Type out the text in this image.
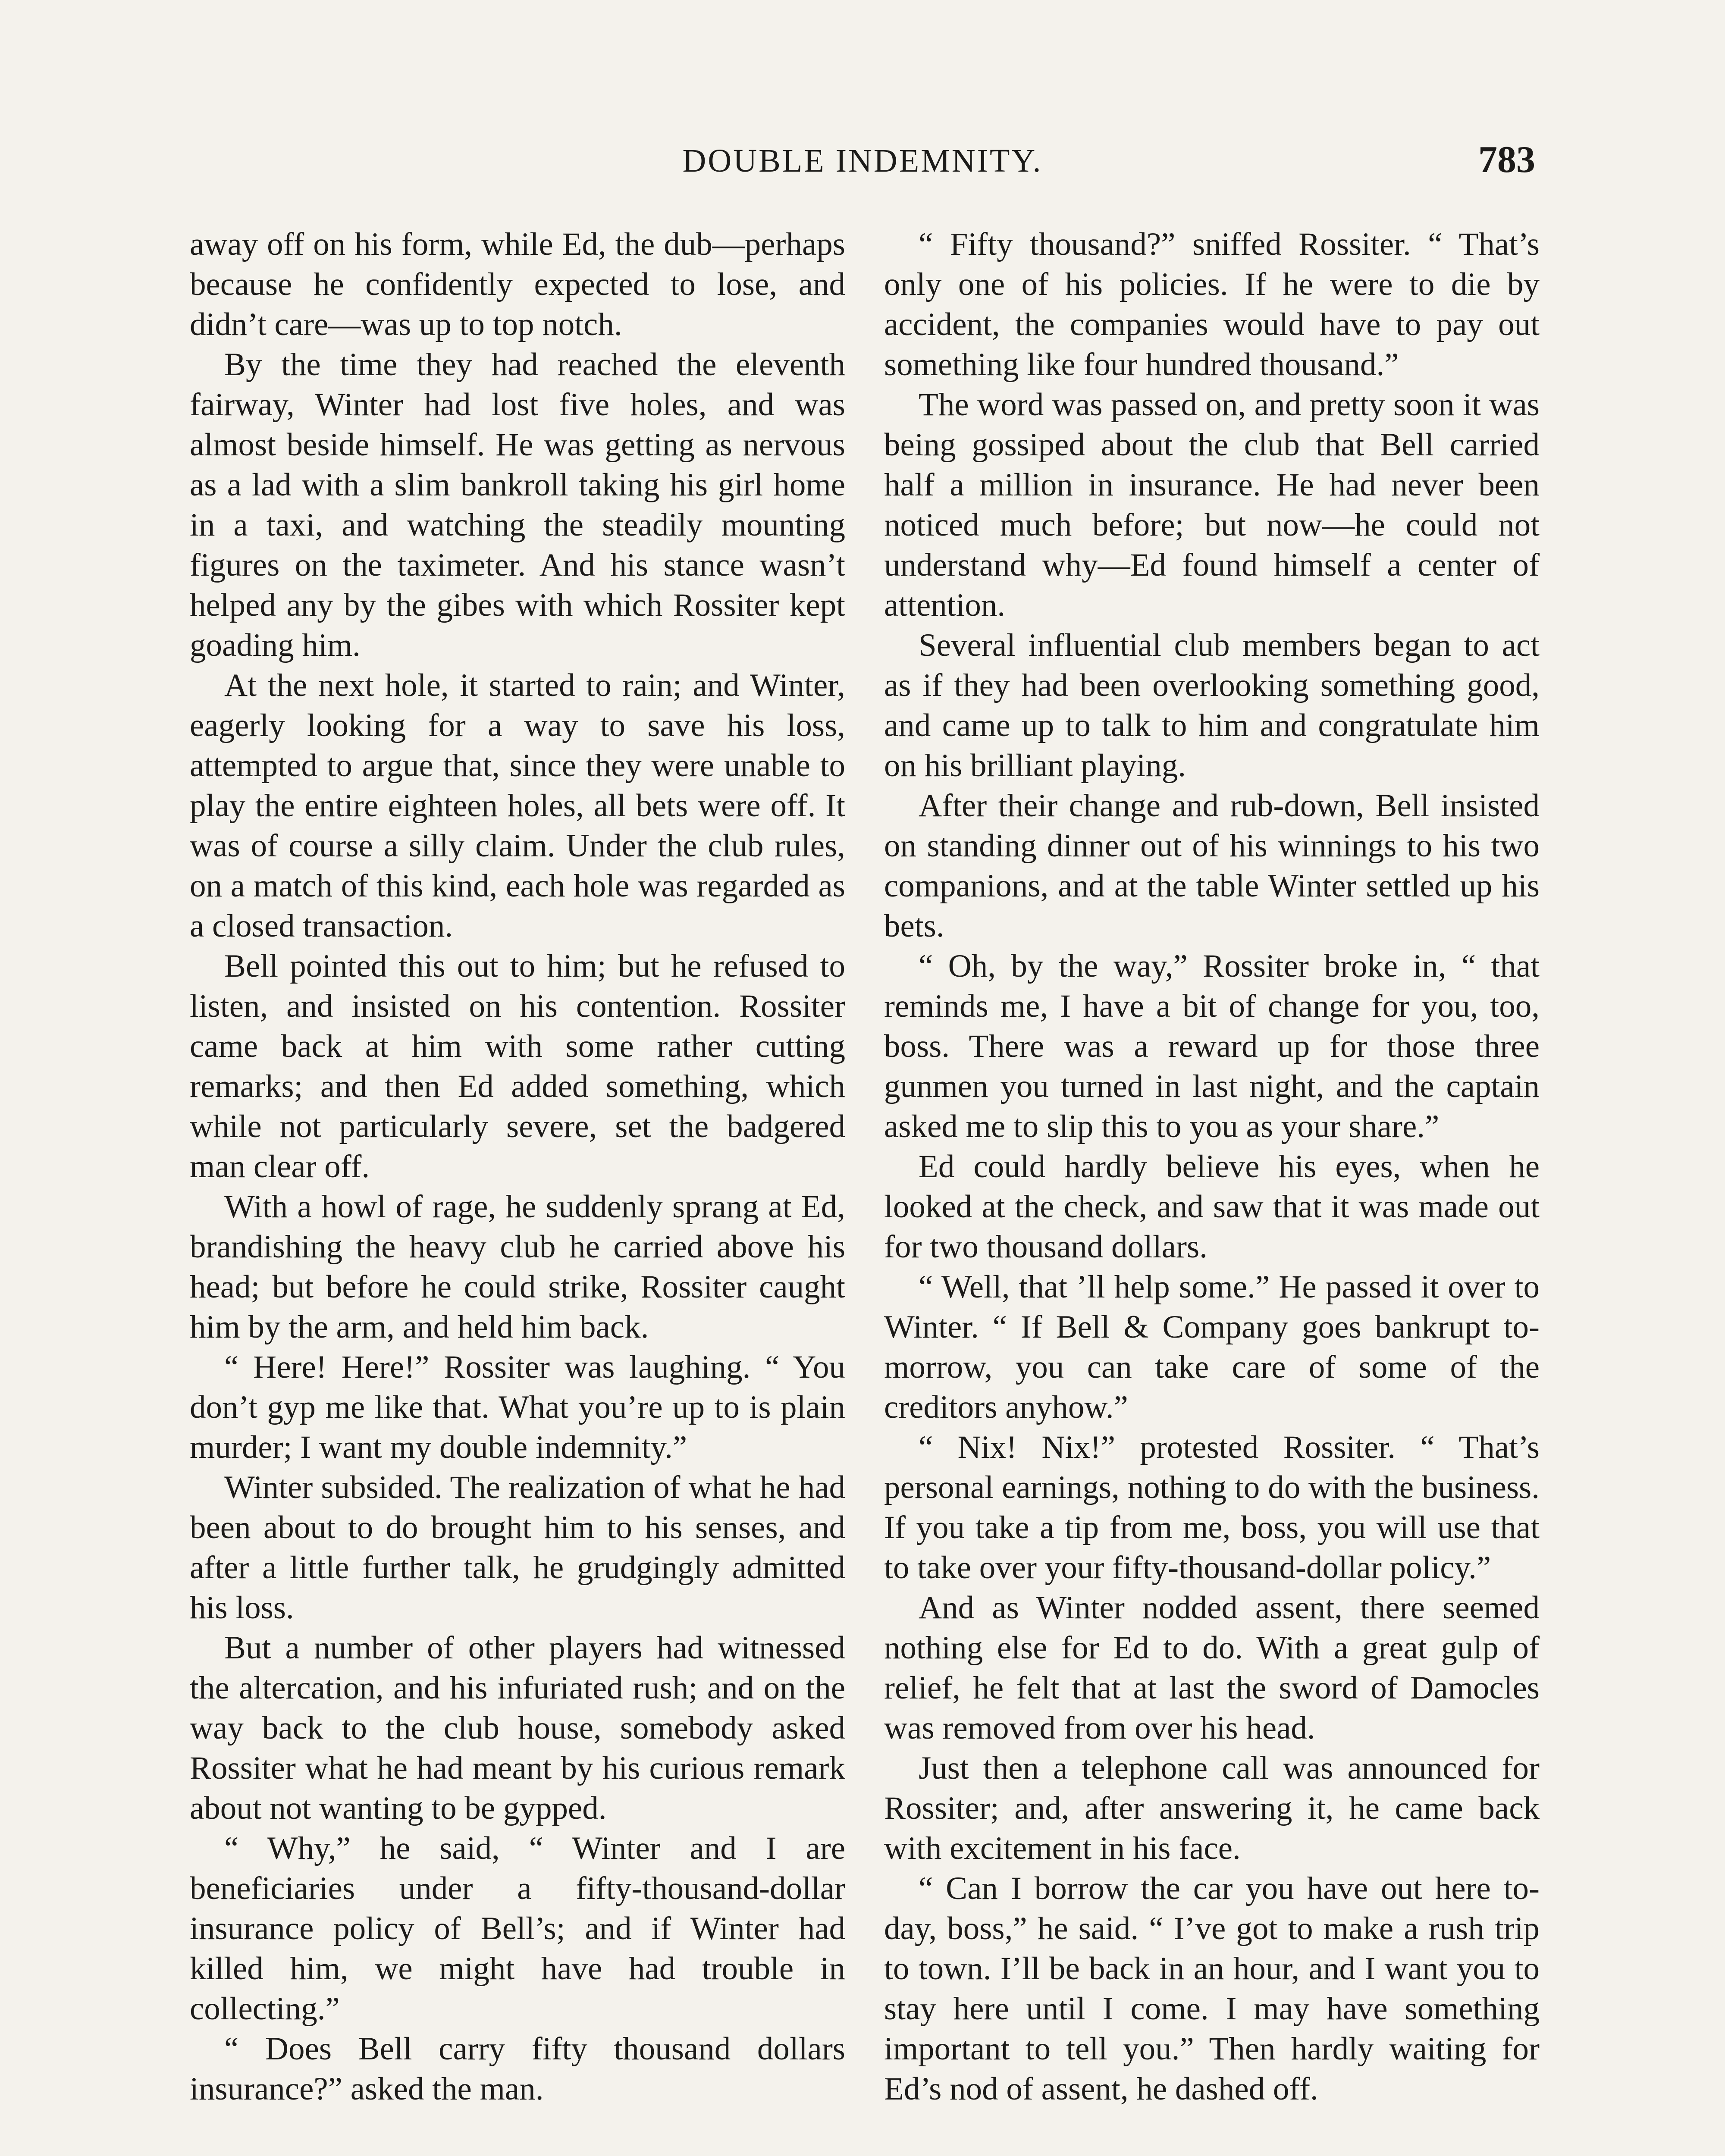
DOUBLE INDEMNITY.	783

away off on his form, while Ed, the dub—perhaps because he confidently expected to lose, and didn’t care—was up to top notch.

By the time they had reached the eleventh fairway, Winter had lost five holes, and was almost beside himself. He was getting as nervous as a lad with a slim bankroll taking his girl home in a taxi, and watching the steadily mounting figures on the taximeter. And his stance wasn’t helped any by the gibes with which Rossiter kept goading him.

At the next hole, it started to rain; and Winter, eagerly looking for a way to save his loss, attempted to argue that, since they were unable to play the entire eighteen holes, all bets were off. It was of course a silly claim. Under the club rules, on a match of this kind, each hole was regarded as a closed transaction.

Bell pointed this out to him; but he refused to listen, and insisted on his contention. Rossiter came back at him with some rather cutting remarks; and then Ed added something, which while not particularly severe, set the badgered man clear off.

With a howl of rage, he suddenly sprang at Ed, brandishing the heavy club he carried above his head; but before he could strike, Rossiter caught him by the arm, and held him back.

“ Here! Here!” Rossiter was laughing. “ You don’t gyp me like that. What you’re up to is plain murder; I want my double indemnity.”

Winter subsided. The realization of what he had been about to do brought him to his senses, and after a little further talk, he grudgingly admitted his loss.

But a number of other players had witnessed the altercation, and his infuriated rush; and on the way back to the club house, somebody asked Rossiter what he had meant by his curious remark about not wanting to be gypped.

“ Why,” he said, “ Winter and I are beneficiaries under a fifty-thousand-dollar insurance policy of Bell’s; and if Winter had killed him, we might have had trouble in collecting.”

“ Does Bell carry fifty thousand dollars insurance?” asked the man.

“ Fifty thousand?” sniffed Rossiter. “ That’s only one of his policies. If he were to die by accident, the companies would have to pay out something like four hundred thousand.”

The word was passed on, and pretty soon it was being gossiped about the club that Bell carried half a million in insurance. He had never been noticed much before; but now—he could not understand why—Ed found himself a center of attention.

Several influential club members began to act as if they had been overlooking something good, and came up to talk to him and congratulate him on his brilliant playing.

After their change and rub-down, Bell insisted on standing dinner out of his winnings to his two companions, and at the table Winter settled up his bets.

“ Oh, by the way,” Rossiter broke in, “ that reminds me, I have a bit of change for you, too, boss. There was a reward up for those three gunmen you turned in last night, and the captain asked me to slip this to you as your share.”

Ed could hardly believe his eyes, when he looked at the check, and saw that it was made out for two thousand dollars.

“ Well, that ’ll help some.” He passed it over to Winter. “ If Bell & Company goes bankrupt to-morrow, you can take care of some of the creditors anyhow.”

“ Nix! Nix!” protested Rossiter. “ That’s personal earnings, nothing to do with the business. If you take a tip from me, boss, you will use that to take over your fifty-thousand-dollar policy.”

And as Winter nodded assent, there seemed nothing else for Ed to do. With a great gulp of relief, he felt that at last the sword of Damocles was removed from over his head.

Just then a telephone call was announced for Rossiter; and, after answering it, he came back with excitement in his face.

“ Can I borrow the car you have out here to-day, boss,” he said. “ I’ve got to make a rush trip to town. I’ll be back in an hour, and I want you to stay here until I come. I may have something important to tell you.” Then hardly waiting for Ed’s nod of assent, he dashed off.
